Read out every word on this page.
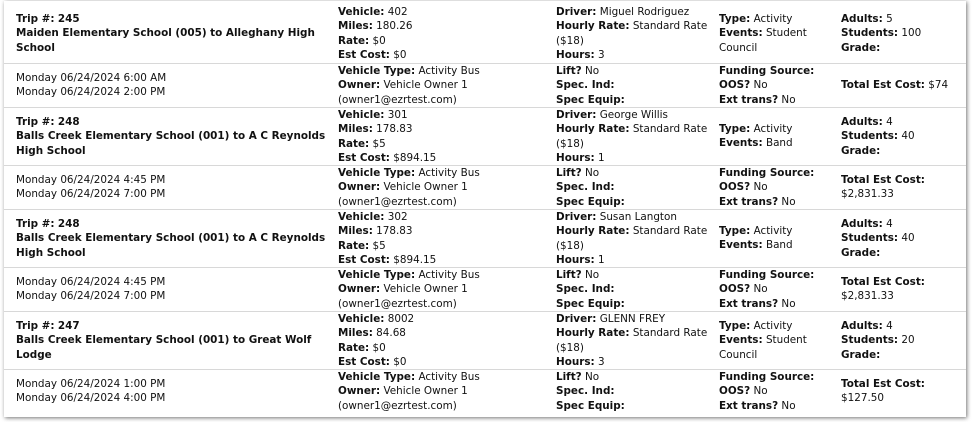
Trip #: 245
Maiden Elementary School (005) to Alleghany High School
Vehicle: 402
Miles: 180.26
Rate: $0
Est Cost: $0
Driver: Miguel Rodriguez
Hourly Rate: Standard Rate ($18)
Hours: 3
Type: Activity
Events: Student Council
Adults: 5
Students: 100
Grade:
Monday 06/24/2024 6:00 AM
Monday 06/24/2024 2:00 PM
Vehicle Type: Activity Bus
Owner: Vehicle Owner 1
(owner1@ezrtest.com)
Lift? No
Spec. Ind:
Spec Equip:
Funding Source:
OOS? No
Ext trans? No
Total Est Cost: $74
Trip #: 248
Balls Creek Elementary School (001) to A C Reynolds High School
Vehicle: 301
Miles: 178.83
Rate: $5
Est Cost: $894.15
Driver: George Willis
Hourly Rate: Standard Rate ($18)
Hours: 1
Type: Activity
Events: Band
Adults: 4
Students: 40
Grade:
Monday 06/24/2024 4:45 PM
Monday 06/24/2024 7:00 PM
Vehicle Type: Activity Bus
Owner: Vehicle Owner 1
(owner1@ezrtest.com)
Lift? No
Spec. Ind:
Spec Equip:
Funding Source:
OOS? No
Ext trans? No
Total Est Cost:
$2,831.33
Trip #: 248
Balls Creek Elementary School (001) to A C Reynolds High School
Vehicle: 302
Miles: 178.83
Rate: $5
Est Cost: $894.15
Driver: Susan Langton
Hourly Rate: Standard Rate ($18)
Hours: 1
Type: Activity
Events: Band
Adults: 4
Students: 40
Grade:
Monday 06/24/2024 4:45 PM
Monday 06/24/2024 7:00 PM
Vehicle Type: Activity Bus
Owner: Vehicle Owner 1
(owner1@ezrtest.com)
Lift? No
Spec. Ind:
Spec Equip:
Funding Source:
OOS? No
Ext trans? No
Total Est Cost:
$2,831.33
Trip #: 247
Balls Creek Elementary School (001) to Great Wolf Lodge
Vehicle: 8002
Miles: 84.68
Rate: $0
Est Cost: $0
Driver: GLENN FREY
Hourly Rate: Standard Rate ($18)
Hours: 3
Type: Activity
Events: Student Council
Adults: 4
Students: 20
Grade:
Monday 06/24/2024 1:00 PM
Monday 06/24/2024 4:00 PM
Vehicle Type: Activity Bus
Owner: Vehicle Owner 1
(owner1@ezrtest.com)
Lift? No
Spec. Ind:
Spec Equip:
Funding Source:
OOS? No
Ext trans? No
Total Est Cost:
$127.50
